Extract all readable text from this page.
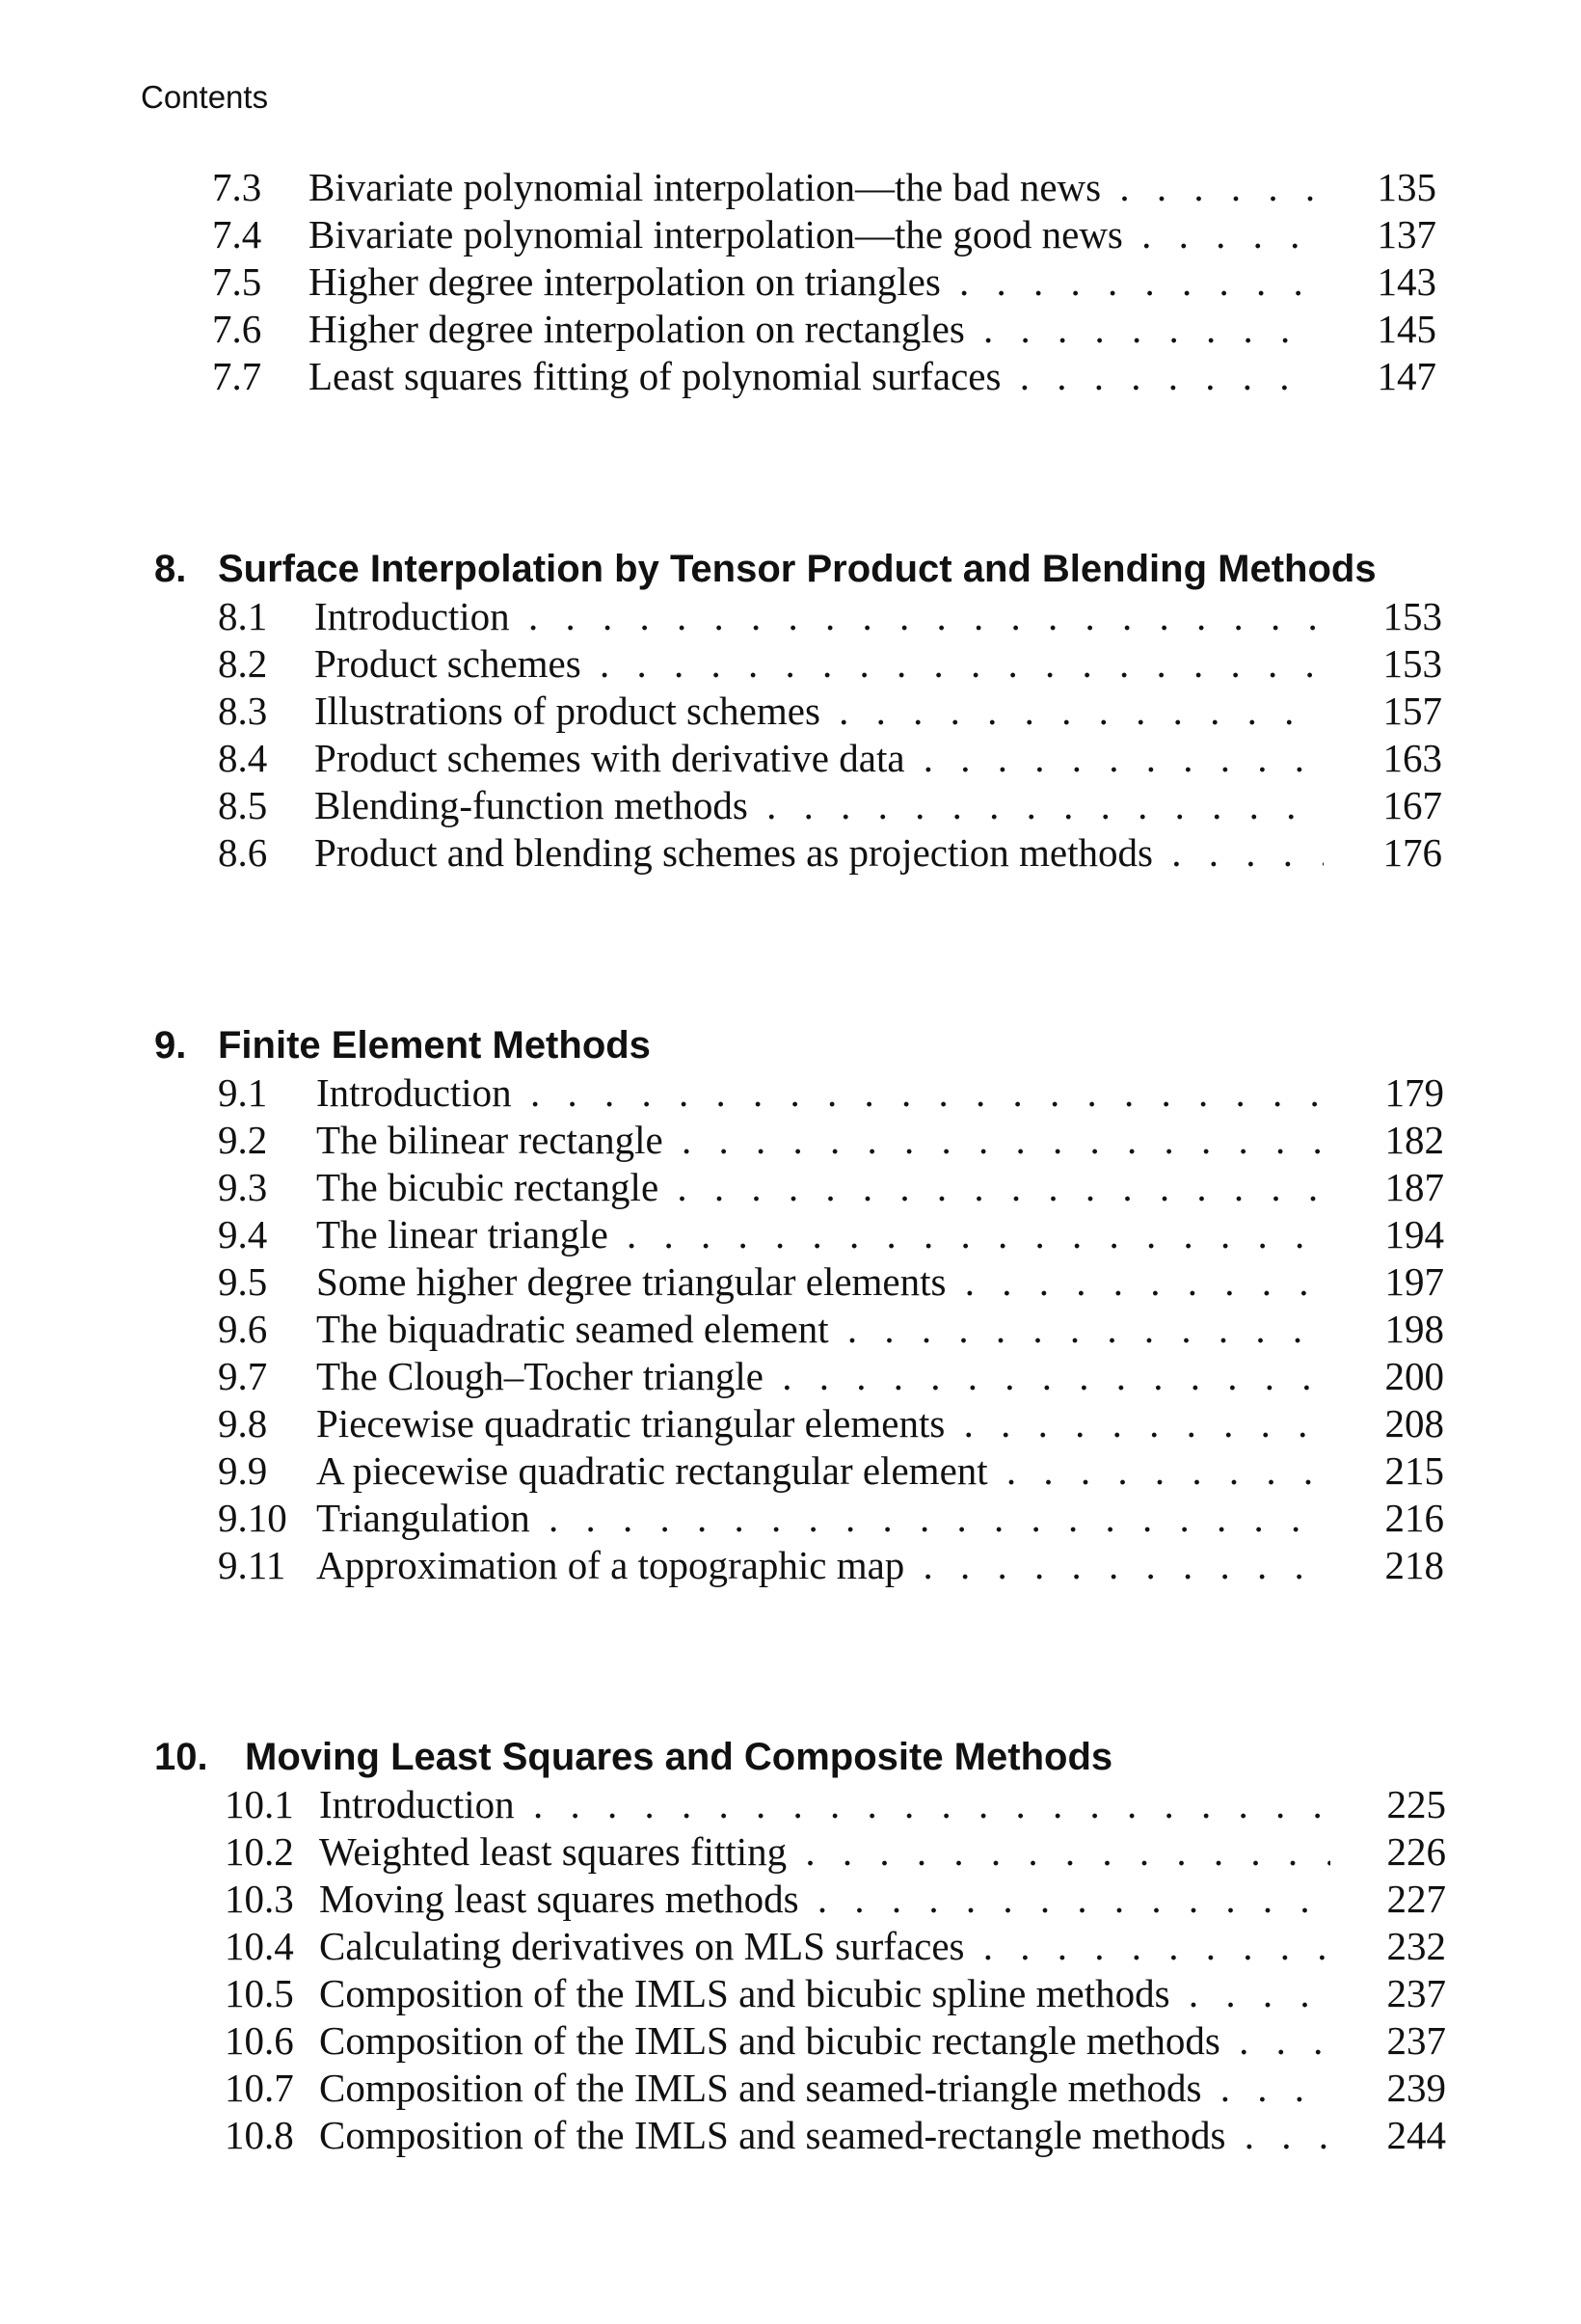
Contents
7.3 Bivariate polynomial interpolation—the bad news . . .	135
7.4 Bivariate polynomial interpolation—the good news . . .	137
7.5 Higher degree interpolation on triangles . . .	143
7.6 Higher degree interpolation on rectangles . . .	145
7.7 Least squares fitting of polynomial surfaces . . .	147
8. Surface Interpolation by Tensor Product and Blending Methods
8.1 Introduction . . .	153
8.2 Product schemes . . .	153
8.3 Illustrations of product schemes . . .	157
8.4 Product schemes with derivative data . . .	163
8.5 Blending-function methods . . .	167
8.6 Product and blending schemes as projection methods . . .	176
9. Finite Element Methods
9.1 Introduction . . .	179
9.2 The bilinear rectangle . . .	182
9.3 The bicubic rectangle . . .	187
9.4 The linear triangle . . .	194
9.5 Some higher degree triangular elements . . .	197
9.6 The biquadratic seamed element . . .	198
9.7 The Clough–Tocher triangle . . .	200
9.8 Piecewise quadratic triangular elements . . .	208
9.9 A piecewise quadratic rectangular element . . .	215
9.10 Triangulation . . .	216
9.11 Approximation of a topographic map . . .	218
10. Moving Least Squares and Composite Methods
10.1 Introduction . . .	225
10.2 Weighted least squares fitting . . .	226
10.3 Moving least squares methods . . .	227
10.4 Calculating derivatives on MLS surfaces . . .	232
10.5 Composition of the IMLS and bicubic spline methods . . .	237
10.6 Composition of the IMLS and bicubic rectangle methods . . .	237
10.7 Composition of the IMLS and seamed-triangle methods . . .	239
10.8 Composition of the IMLS and seamed-rectangle methods . . .	244
